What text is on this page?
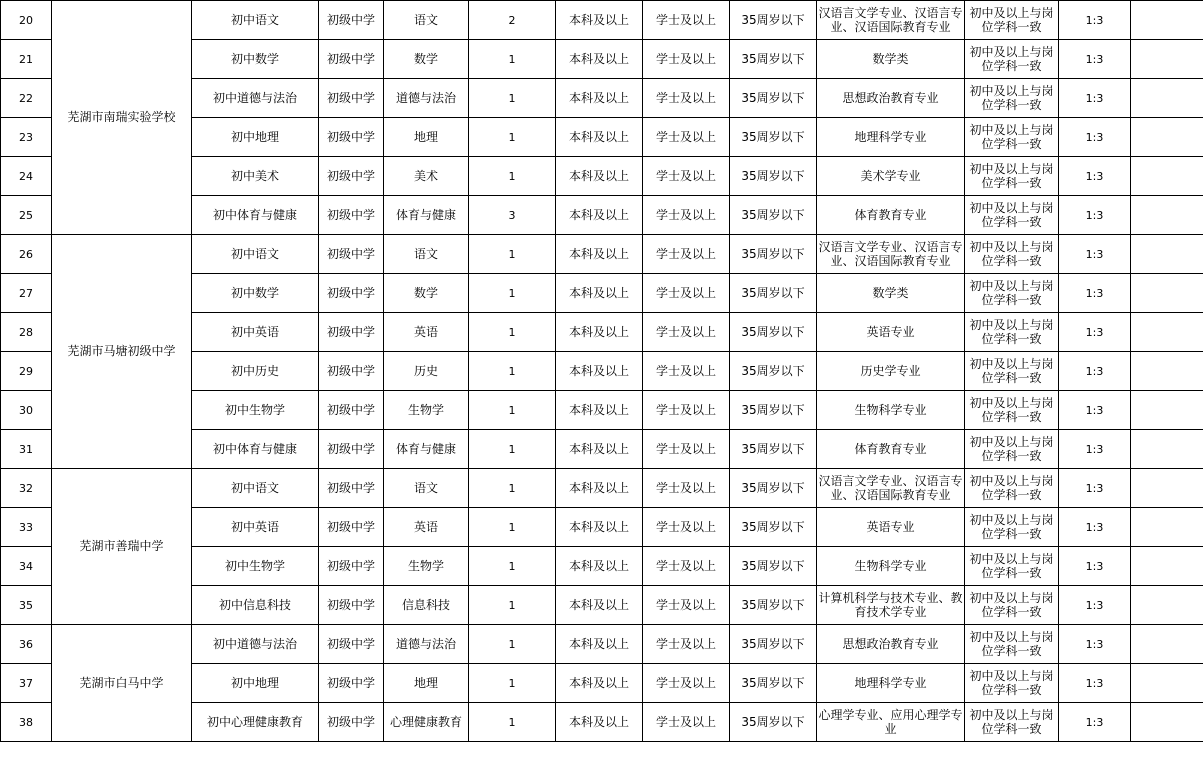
20	芜湖市南瑞实验学校	初中语文	初级中学	语文	2	本科及以上	学士及以上	35周岁以下	汉语言文学专业、汉语言专业、汉语国际教育专业	初中及以上与岗位学科一致	1:3	
21		初中数学	初级中学	数学	1	本科及以上	学士及以上	35周岁以下	数学类	初中及以上与岗位学科一致	1:3	
22		初中道德与法治	初级中学	道德与法治	1	本科及以上	学士及以上	35周岁以下	思想政治教育专业	初中及以上与岗位学科一致	1:3	
23		初中地理	初级中学	地理	1	本科及以上	学士及以上	35周岁以下	地理科学专业	初中及以上与岗位学科一致	1:3	
24		初中美术	初级中学	美术	1	本科及以上	学士及以上	35周岁以下	美术学专业	初中及以上与岗位学科一致	1:3	
25		初中体育与健康	初级中学	体育与健康	3	本科及以上	学士及以上	35周岁以下	体育教育专业	初中及以上与岗位学科一致	1:3	
26	芜湖市马塘初级中学	初中语文	初级中学	语文	1	本科及以上	学士及以上	35周岁以下	汉语言文学专业、汉语言专业、汉语国际教育专业	初中及以上与岗位学科一致	1:3	
27		初中数学	初级中学	数学	1	本科及以上	学士及以上	35周岁以下	数学类	初中及以上与岗位学科一致	1:3	
28		初中英语	初级中学	英语	1	本科及以上	学士及以上	35周岁以下	英语专业	初中及以上与岗位学科一致	1:3	
29		初中历史	初级中学	历史	1	本科及以上	学士及以上	35周岁以下	历史学专业	初中及以上与岗位学科一致	1:3	
30		初中生物学	初级中学	生物学	1	本科及以上	学士及以上	35周岁以下	生物科学专业	初中及以上与岗位学科一致	1:3	
31		初中体育与健康	初级中学	体育与健康	1	本科及以上	学士及以上	35周岁以下	体育教育专业	初中及以上与岗位学科一致	1:3	
32	芜湖市善瑞中学	初中语文	初级中学	语文	1	本科及以上	学士及以上	35周岁以下	汉语言文学专业、汉语言专业、汉语国际教育专业	初中及以上与岗位学科一致	1:3	
33		初中英语	初级中学	英语	1	本科及以上	学士及以上	35周岁以下	英语专业	初中及以上与岗位学科一致	1:3	
34		初中生物学	初级中学	生物学	1	本科及以上	学士及以上	35周岁以下	生物科学专业	初中及以上与岗位学科一致	1:3	
35		初中信息科技	初级中学	信息科技	1	本科及以上	学士及以上	35周岁以下	计算机科学与技术专业、教育技术学专业	初中及以上与岗位学科一致	1:3	
36	芜湖市白马中学	初中道德与法治	初级中学	道德与法治	1	本科及以上	学士及以上	35周岁以下	思想政治教育专业	初中及以上与岗位学科一致	1:3	
37		初中地理	初级中学	地理	1	本科及以上	学士及以上	35周岁以下	地理科学专业	初中及以上与岗位学科一致	1:3	
38		初中心理健康教育	初级中学	心理健康教育	1	本科及以上	学士及以上	35周岁以下	心理学专业、应用心理学专业	初中及以上与岗位学科一致	1:3	
